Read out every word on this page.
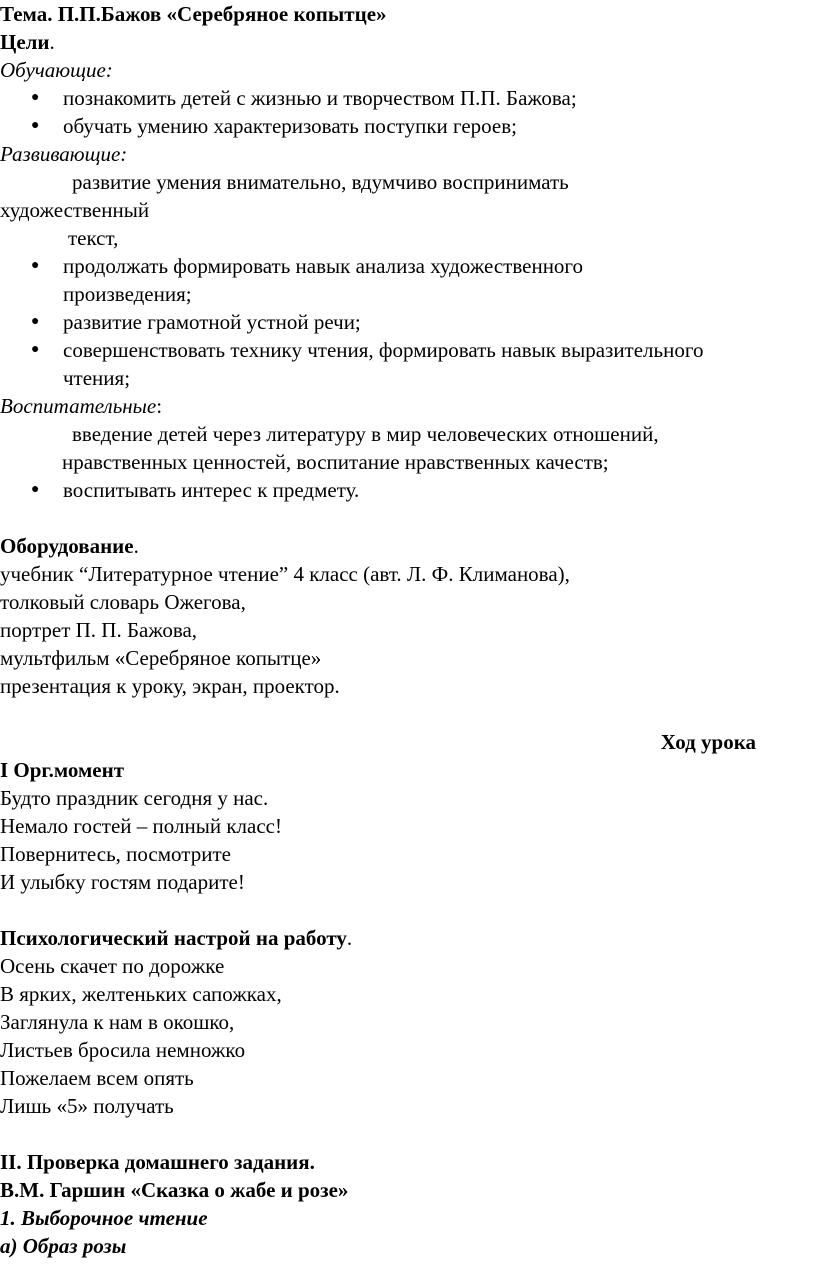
Тема. П.П.Бажов «Серебряное копытце»
Цели.
Обучающие:
● познакомить детей с жизнью и творчеством П.П. Бажова;
● обучать умению характеризовать поступки героев;
Развивающие:
развитие умения внимательно, вдумчиво воспринимать
художественный
текст,
● продолжать формировать навык анализа художественного
произведения;
● развитие грамотной устной речи;
● совершенствовать технику чтения, формировать навык выразительного
чтения;
Воспитательные:
введение детей через литературу в мир человеческих отношений,
нравственных ценностей, воспитание нравственных качеств;
● воспитывать интерес к предмету.
Оборудование.
учебник “Литературное чтение” 4 класс (авт. Л. Ф. Климанова),
толковый словарь Ожегова,
портрет П. П. Бажова,
мультфильм «Серебряное копытце»
презентация к уроку, экран, проектор.
Ход урока
I Орг.момент
Будто праздник сегодня у нас.
Немало гостей – полный класс!
Повернитесь, посмотрите
И улыбку гостям подарите!
Психологический настрой на работу.
Осень скачет по дорожке
В ярких, желтеньких сапожках,
Заглянула к нам в окошко,
Листьев бросила немножко
Пожелаем всем опять
Лишь «5» получать
II. Проверка домашнего задания.
В.М. Гаршин «Сказка о жабе и розе»
1. Выборочное чтение
а) Образ розы
